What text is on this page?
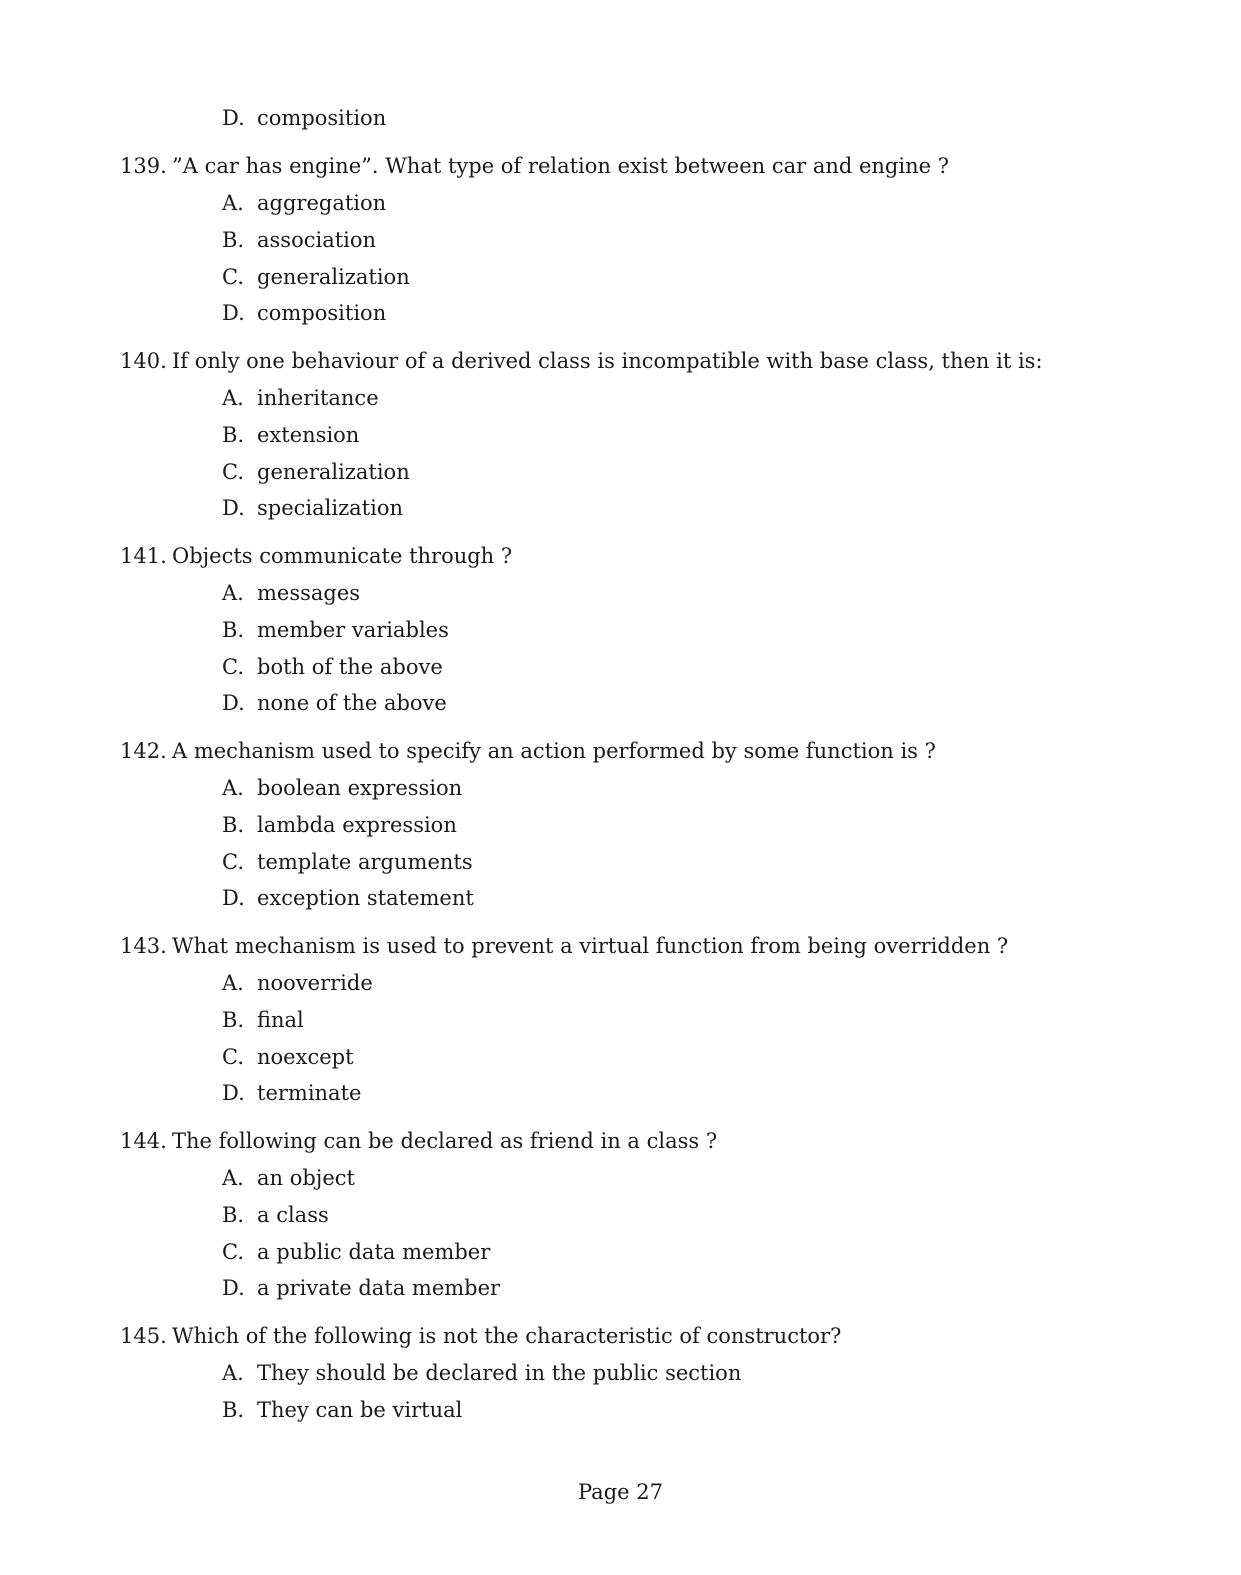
D. composition
139. ”A car has engine”. What type of relation exist between car and engine ?
A. aggregation
B. association
C. generalization
D. composition
140. If only one behaviour of a derived class is incompatible with base class, then it is:
A. inheritance
B. extension
C. generalization
D. specialization
141. Objects communicate through ?
A. messages
B. member variables
C. both of the above
D. none of the above
142. A mechanism used to specify an action performed by some function is ?
A. boolean expression
B. lambda expression
C. template arguments
D. exception statement
143. What mechanism is used to prevent a virtual function from being overridden ?
A. nooverride
B. final
C. noexcept
D. terminate
144. The following can be declared as friend in a class ?
A. an object
B. a class
C. a public data member
D. a private data member
145. Which of the following is not the characteristic of constructor?
A. They should be declared in the public section
B. They can be virtual
Page 27
